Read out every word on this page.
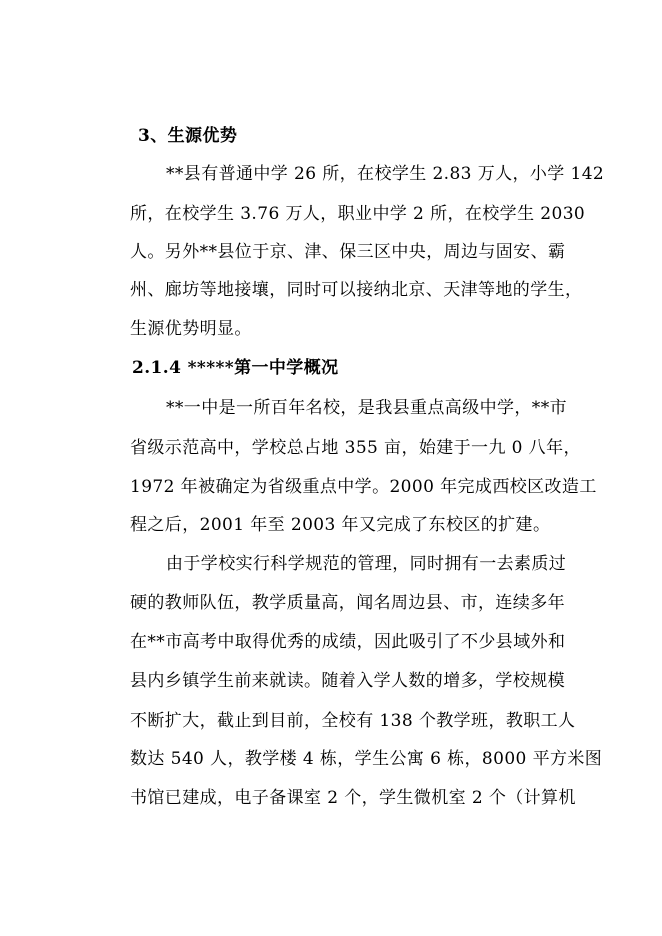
3、生源优势
**县有普通中学 26 所，在校学生 2.83 万人，小学 142
所，在校学生 3.76 万人，职业中学 2 所，在校学生 2030
人。另外**县位于京、津、保三区中央，周边与固安、霸
州、廊坊等地接壤，同时可以接纳北京、天津等地的学生，
生源优势明显。
2.1.4 *****第一中学概况
**一中是一所百年名校，是我县重点高级中学，**市
省级示范高中，学校总占地 355 亩，始建于一九 0 八年，
1972 年被确定为省级重点中学。2000 年完成西校区改造工
程之后，2001 年至 2003 年又完成了东校区的扩建。
由于学校实行科学规范的管理，同时拥有一去素质过
硬的教师队伍，教学质量高，闻名周边县、市，连续多年
在**市高考中取得优秀的成绩，因此吸引了不少县域外和
县内乡镇学生前来就读。随着入学人数的增多，学校规模
不断扩大，截止到目前，全校有 138 个教学班，教职工人
数达 540 人，教学楼 4 栋，学生公寓 6 栋，8000 平方米图
书馆已建成，电子备课室 2 个，学生微机室 2 个（计算机
